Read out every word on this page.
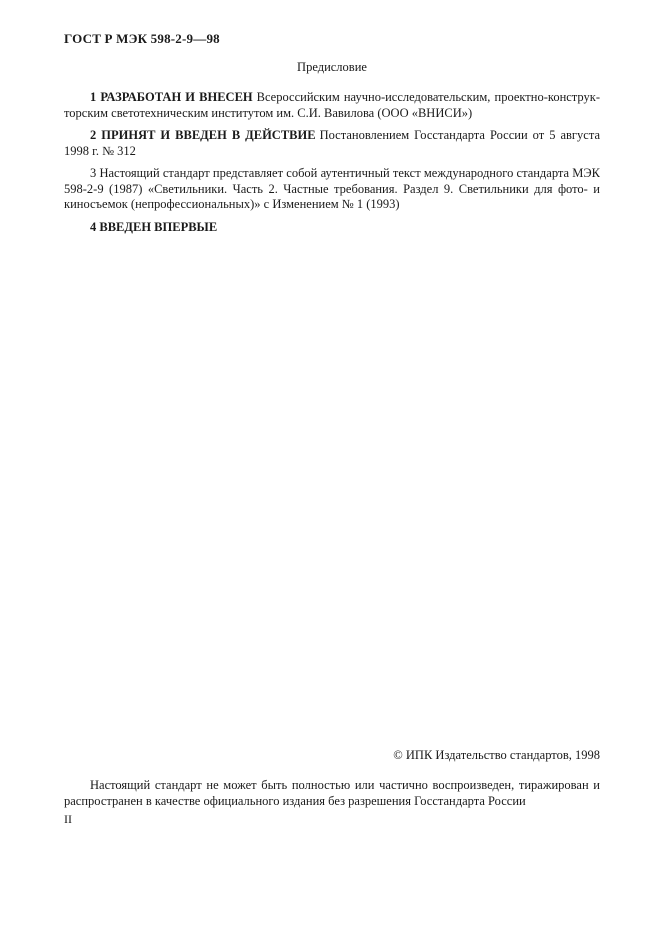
ГОСТ Р МЭК 598-2-9—98
Предисловие

1 РАЗРАБОТАН И ВНЕСЕН Всероссийским научно-исследовательским, проектно-конструкторским светотехническим институтом им. С.И. Вавилова (ООО «ВНИСИ»)

2 ПРИНЯТ И ВВЕДЕН В ДЕЙСТВИЕ Постановлением Госстандарта России от 5 августа 1998 г. № 312

3 Настоящий стандарт представляет собой аутентичный текст международного стандарта МЭК 598-2-9 (1987) «Светильники. Часть 2. Частные требования. Раздел 9. Светильники для фото- и киносъемок (непрофессиональных)» с Изменением № 1 (1993)

4 ВВЕДЕН ВПЕРВЫЕ

© ИПК Издательство стандартов, 1998

Настоящий стандарт не может быть полностью или частично воспроизведен, тиражирован и распространен в качестве официального издания без разрешения Госстандарта России

II
